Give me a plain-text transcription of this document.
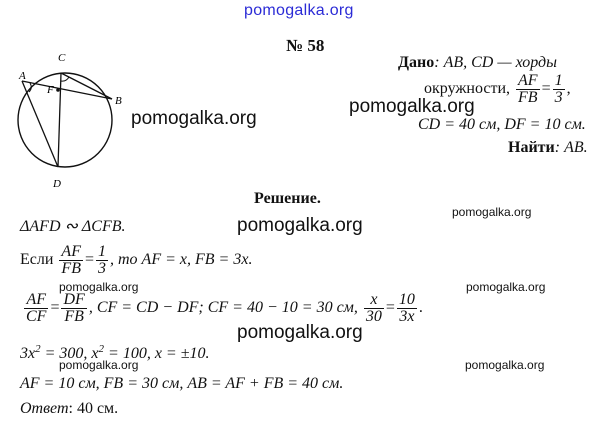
pomogalka.org
№ 58
A
B
C
D
F
Дано: AB, CD — хорды
окружности, $\frac{AF}{FB} = \frac{1}{3}$ ,
CD = 40 см, DF = 10 см.
Найти: AB.
pomogalka.org
pomogalka.org
pomogalka.org
pomogalka.org
pomogalka.org	pomogalka.org
pomogalka.org
pomogalka.org	pomogalka.org
Решение.
ΔAFD ∾ ΔCFB.
Если $\frac{AF}{FB} = \frac{1}{3}$ , то AF = x, FB = 3x.
$\frac{AF}{CF} = \frac{DF}{FB}$ , CF = CD − DF; CF = 40 − 10 = 30 см, $\frac{x}{30} = \frac{10}{3x}$ .
$3x^2 = 300$, $x^2 = 100$, x = ±10.
AF = 10 см, FB = 30 см, AB = AF + FB = 40 см.
Ответ: 40 см.
